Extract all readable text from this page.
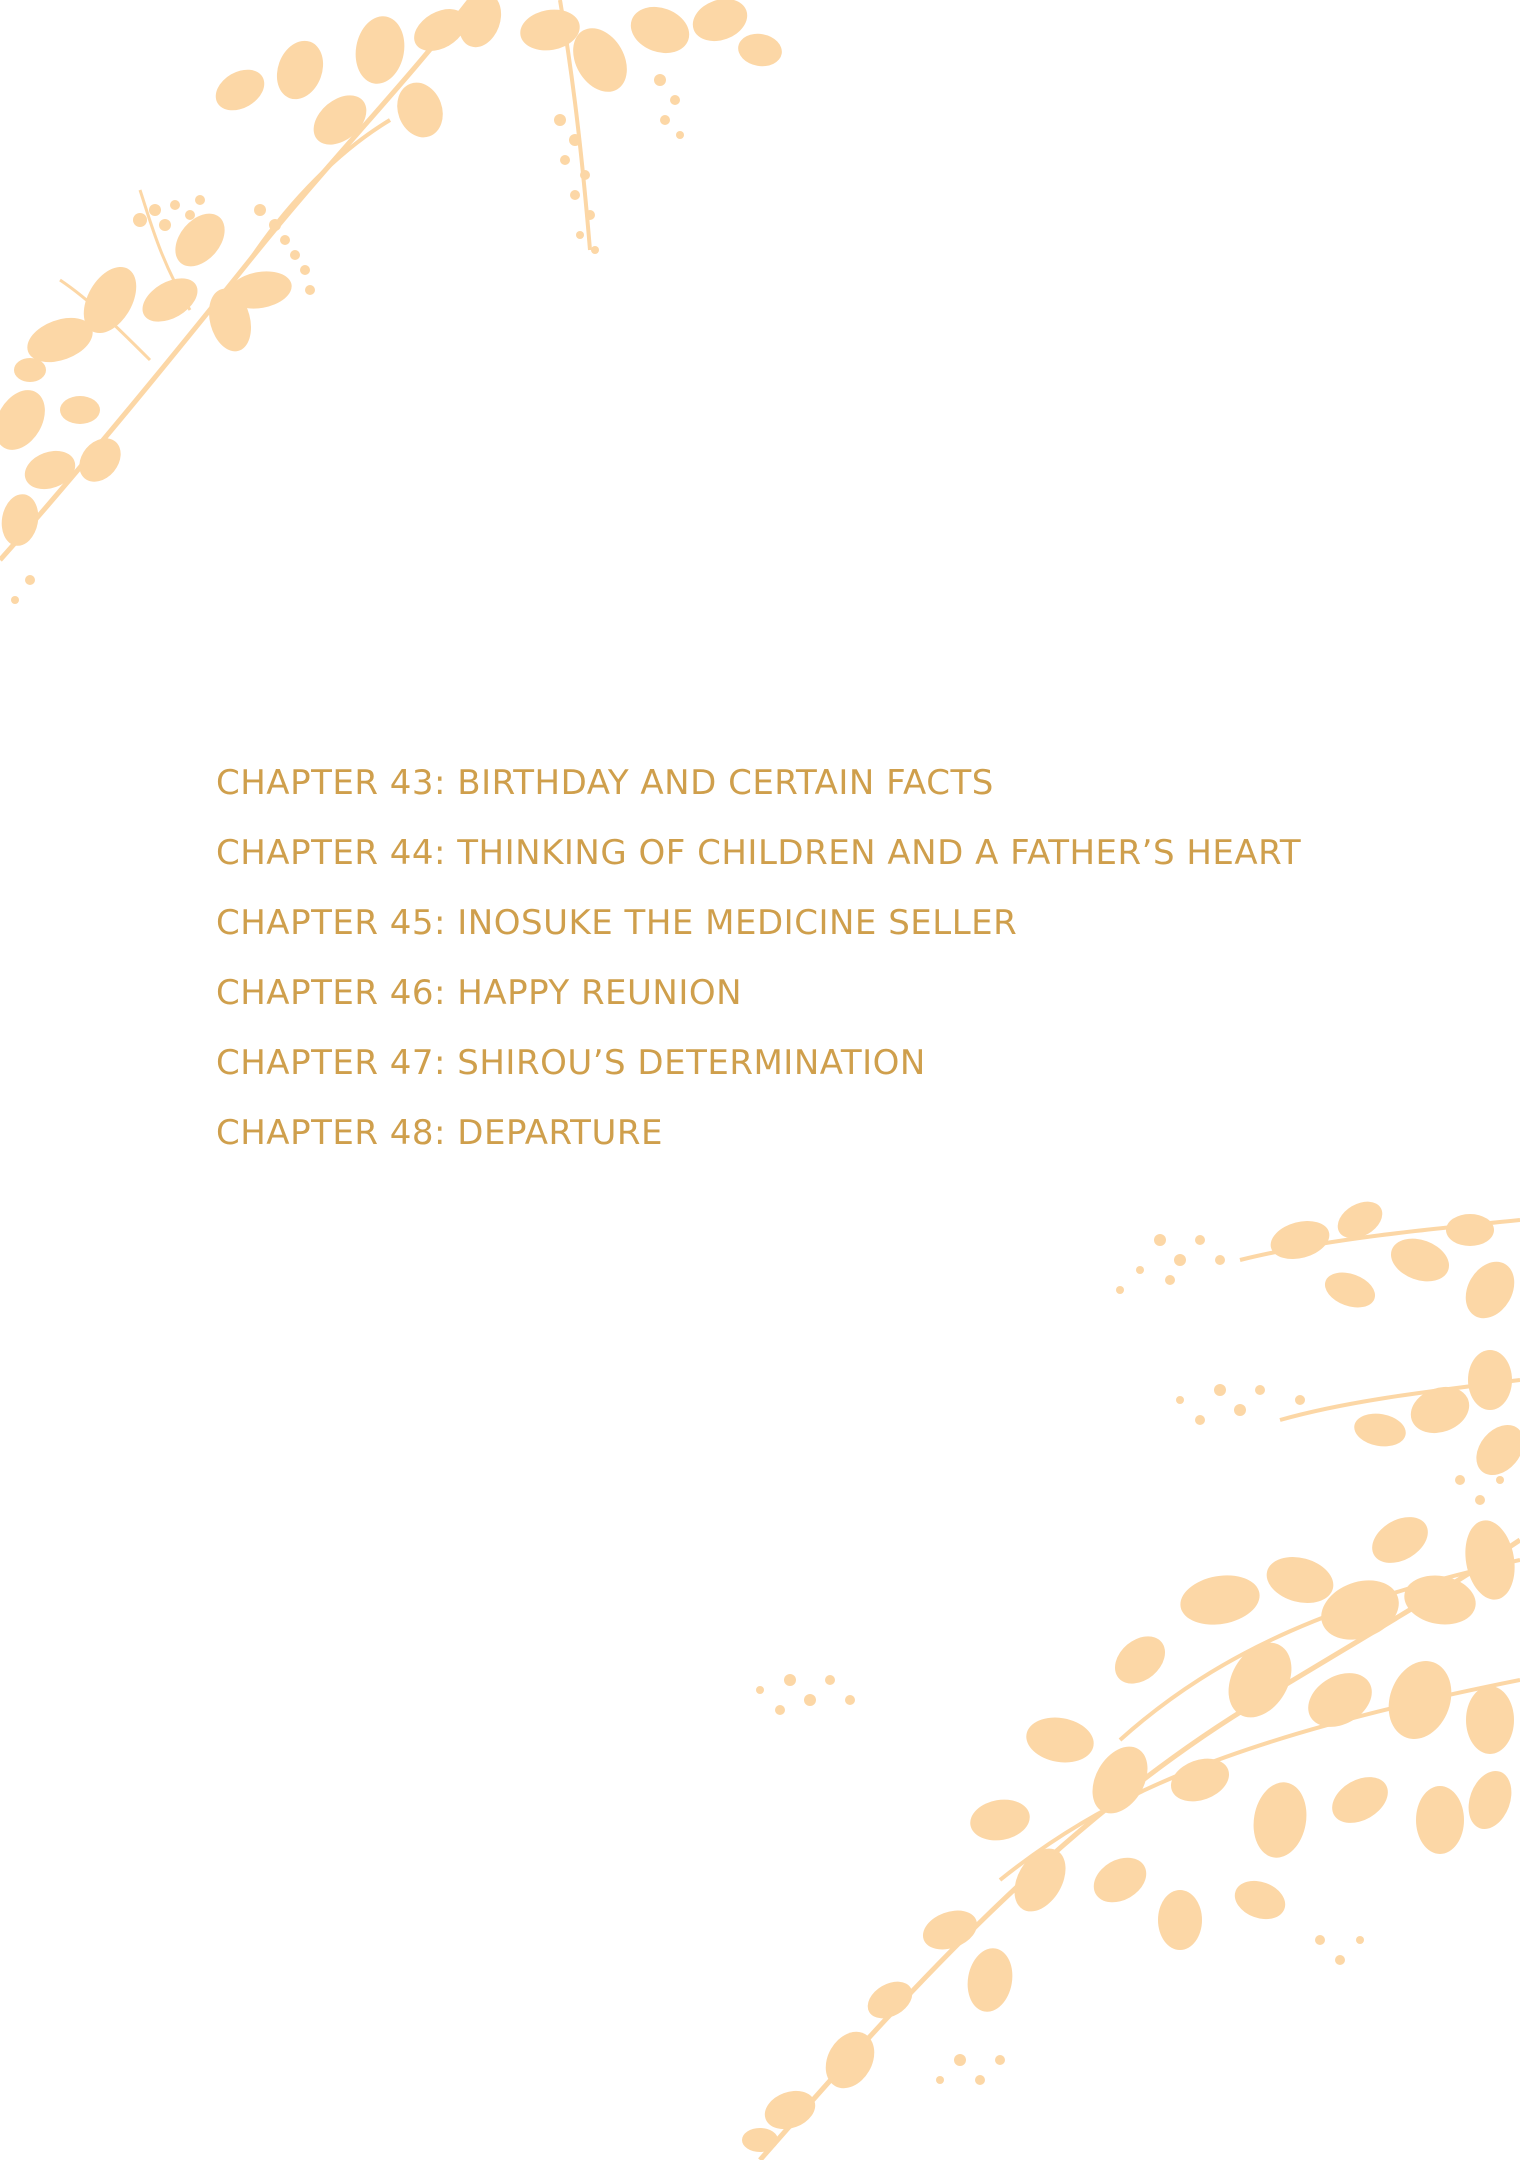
CHAPTER 43: BIRTHDAY AND CERTAIN FACTS
CHAPTER 44: THINKING OF CHILDREN AND A FATHER’S HEART
CHAPTER 45: INOSUKE THE MEDICINE SELLER
CHAPTER 46: HAPPY REUNION
CHAPTER 47: SHIROU’S DETERMINATION
CHAPTER 48: DEPARTURE
